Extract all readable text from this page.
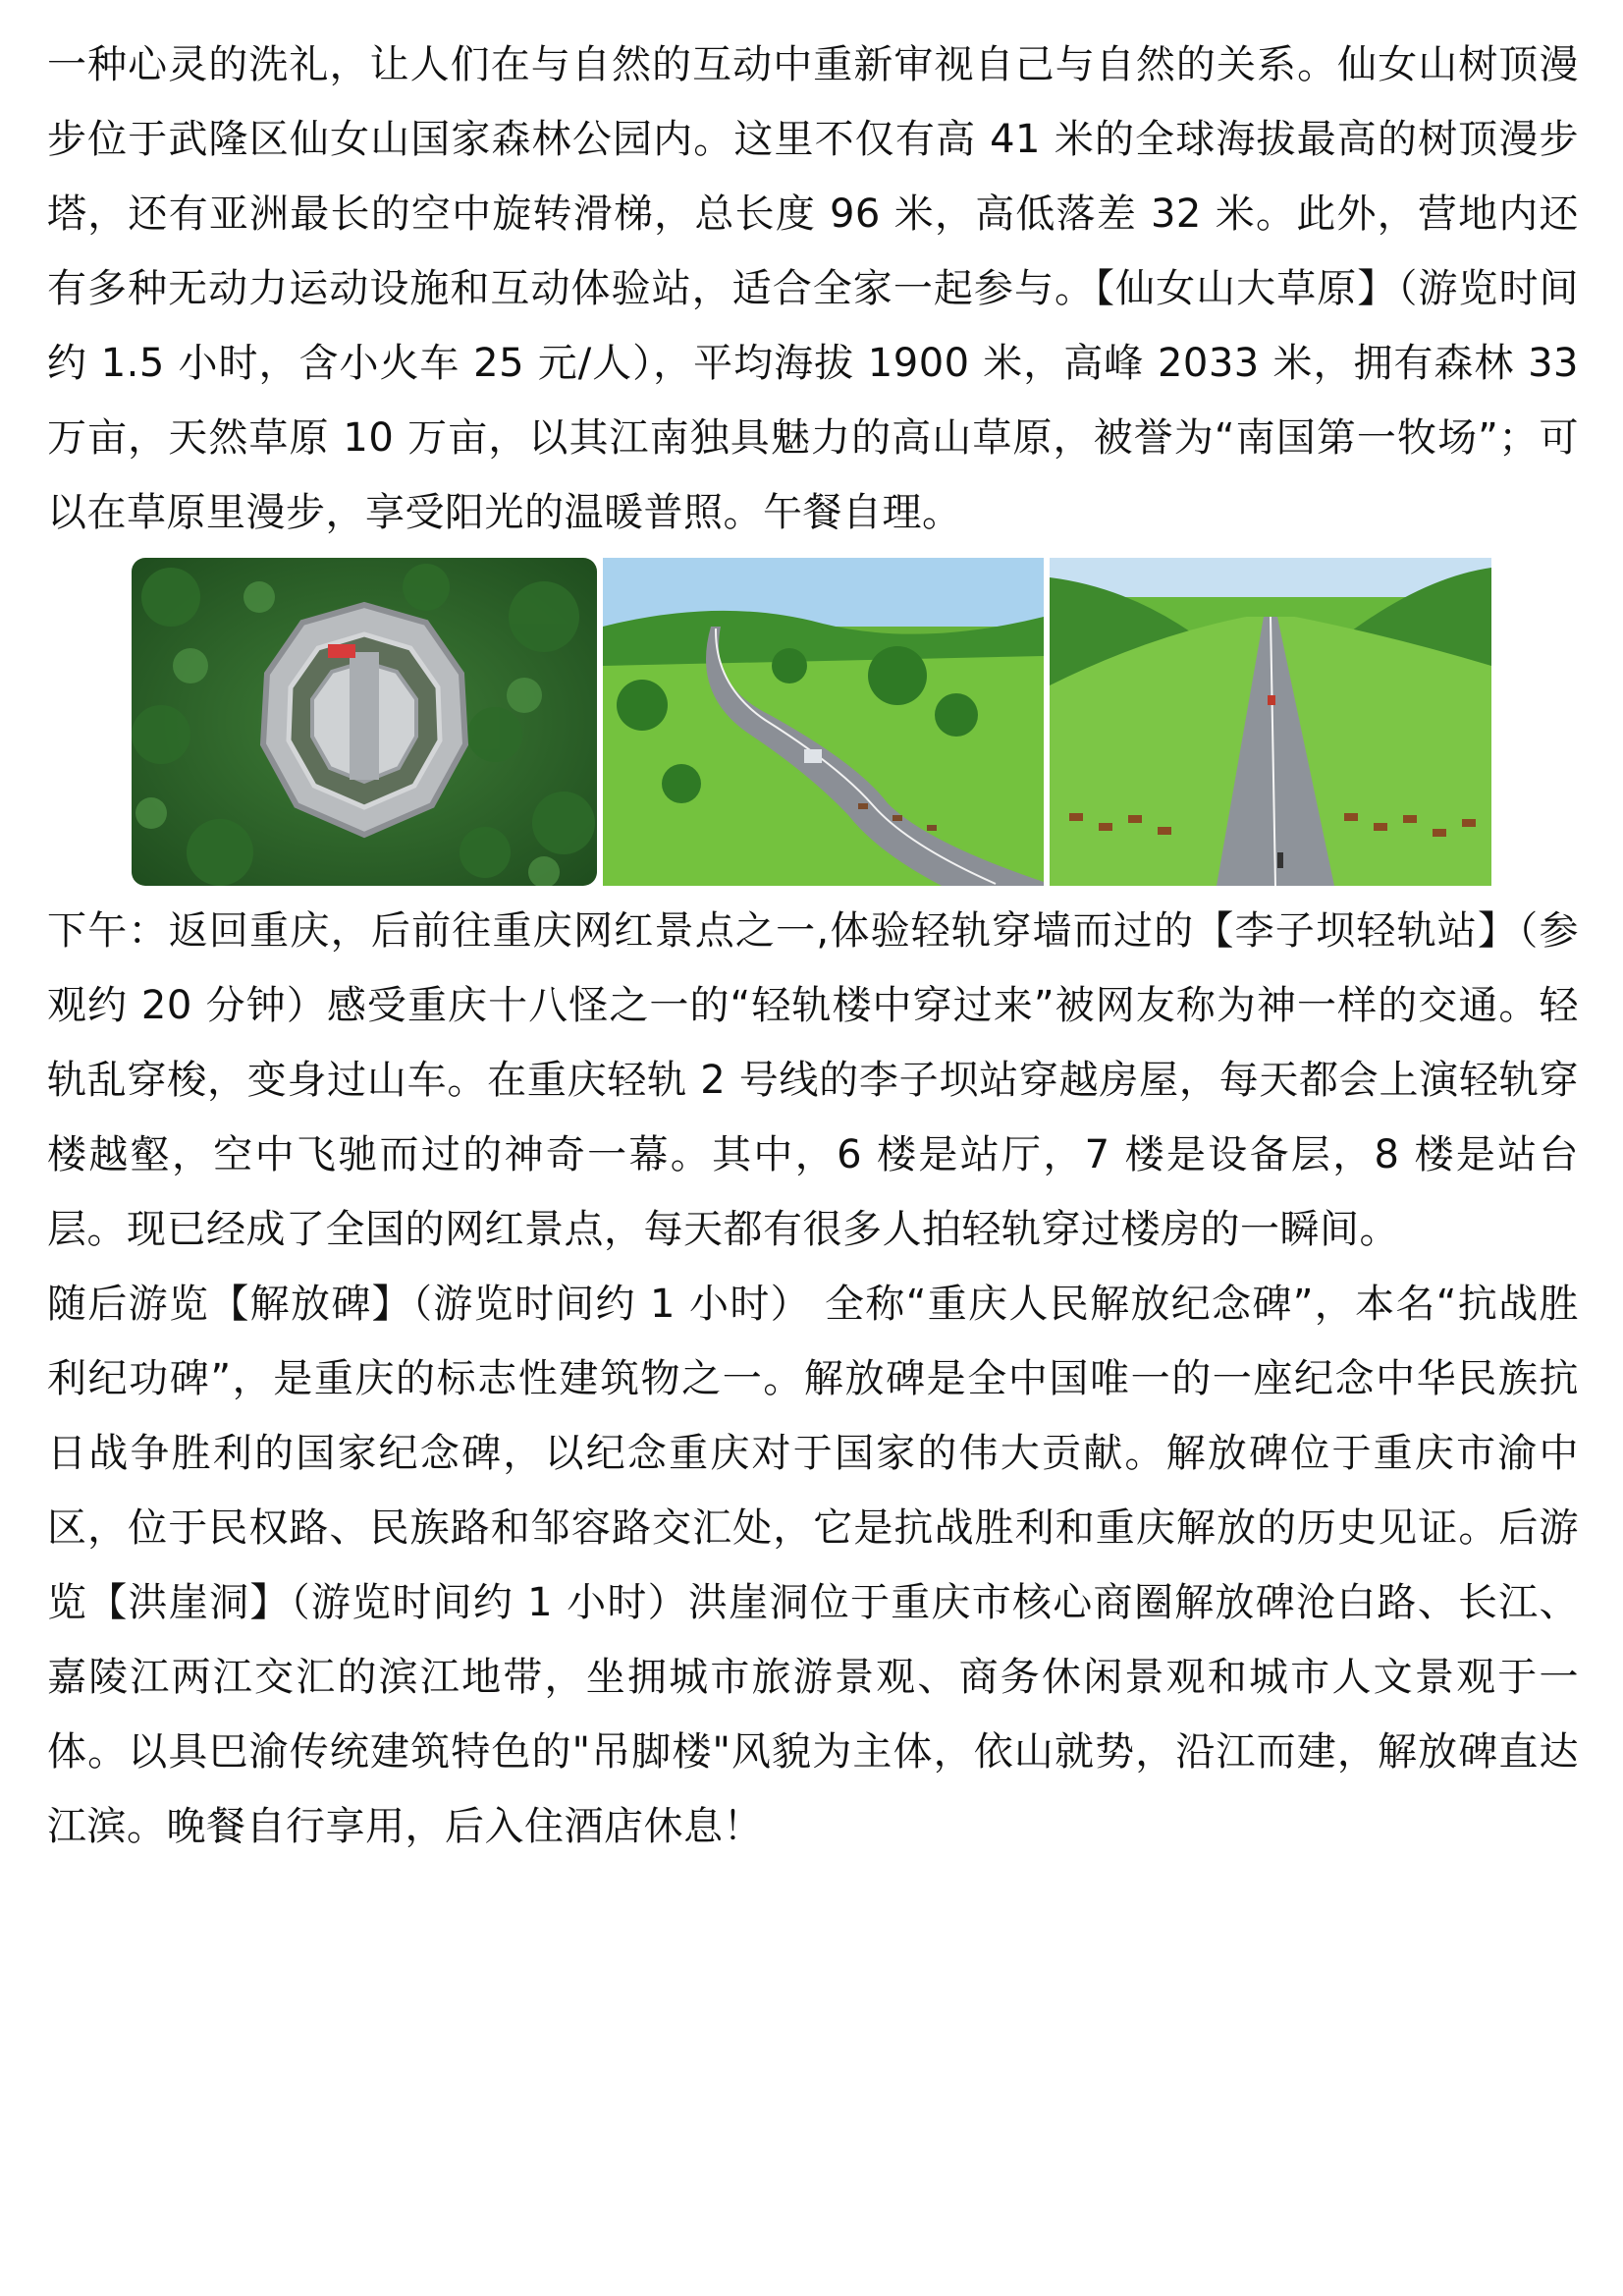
一种心灵的洗礼，让人们在与自然的互动中重新审视自己与自然的关系。仙女山树顶漫步位于武隆区仙女山国家森林公园内。这里不仅有高 41 米的全球海拔最高的树顶漫步塔，还有亚洲最长的空中旋转滑梯，总长度 96 米，高低落差 32 米。此外，营地内还有多种无动力运动设施和互动体验站，适合全家一起参与。【仙女山大草原】（游览时间约 1.5 小时，含小火车 25 元/人），平均海拔 1900 米，高峰 2033 米，拥有森林 33 万亩，天然草原 10 万亩，以其江南独具魅力的高山草原，被誉为“南国第一牧场”；可以在草原里漫步，享受阳光的温暖普照。午餐自理。

下午：返回重庆，后前往重庆网红景点之一,体验轻轨穿墙而过的【李子坝轻轨站】（参观约 20 分钟）感受重庆十八怪之一的“轻轨楼中穿过来”被网友称为神一样的交通。轻轨乱穿梭，变身过山车。在重庆轻轨 2 号线的李子坝站穿越房屋，每天都会上演轻轨穿楼越壑，空中飞驰而过的神奇一幕。其中，6 楼是站厅，7 楼是设备层，8 楼是站台层。现已经成了全国的网红景点，每天都有很多人拍轻轨穿过楼房的一瞬间。

随后游览【解放碑】（游览时间约 1 小时） 全称“重庆人民解放纪念碑”，本名“抗战胜利纪功碑”，是重庆的标志性建筑物之一。解放碑是全中国唯一的一座纪念中华民族抗日战争胜利的国家纪念碑，以纪念重庆对于国家的伟大贡献。解放碑位于重庆市渝中区，位于民权路、民族路和邹容路交汇处，它是抗战胜利和重庆解放的历史见证。后游览【洪崖洞】（游览时间约 1 小时）洪崖洞位于重庆市核心商圈解放碑沧白路、长江、嘉陵江两江交汇的滨江地带，坐拥城市旅游景观、商务休闲景观和城市人文景观于一体。以具巴渝传统建筑特色的"吊脚楼"风貌为主体，依山就势，沿江而建，解放碑直达江滨。晚餐自行享用，后入住酒店休息！
